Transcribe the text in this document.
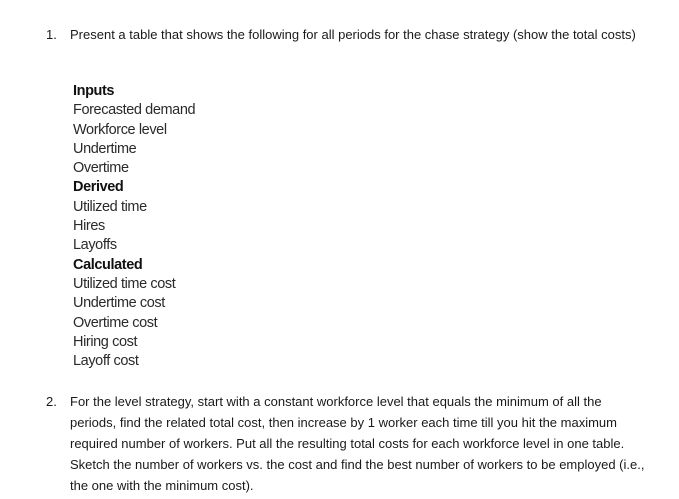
1. Present a table that shows the following for all periods for the chase strategy (show the total costs)
Inputs
Forecasted demand
Workforce level
Undertime
Overtime
Derived
Utilized time
Hires
Layoffs
Calculated
Utilized time cost
Undertime cost
Overtime cost
Hiring cost
Layoff cost
2. For the level strategy, start with a constant workforce level that equals the minimum of all the periods, find the related total cost, then increase by 1 worker each time till you hit the maximum required number of workers. Put all the resulting total costs for each workforce level in one table. Sketch the number of workers vs. the cost and find the best number of workers to be employed (i.e., the one with the minimum cost).
